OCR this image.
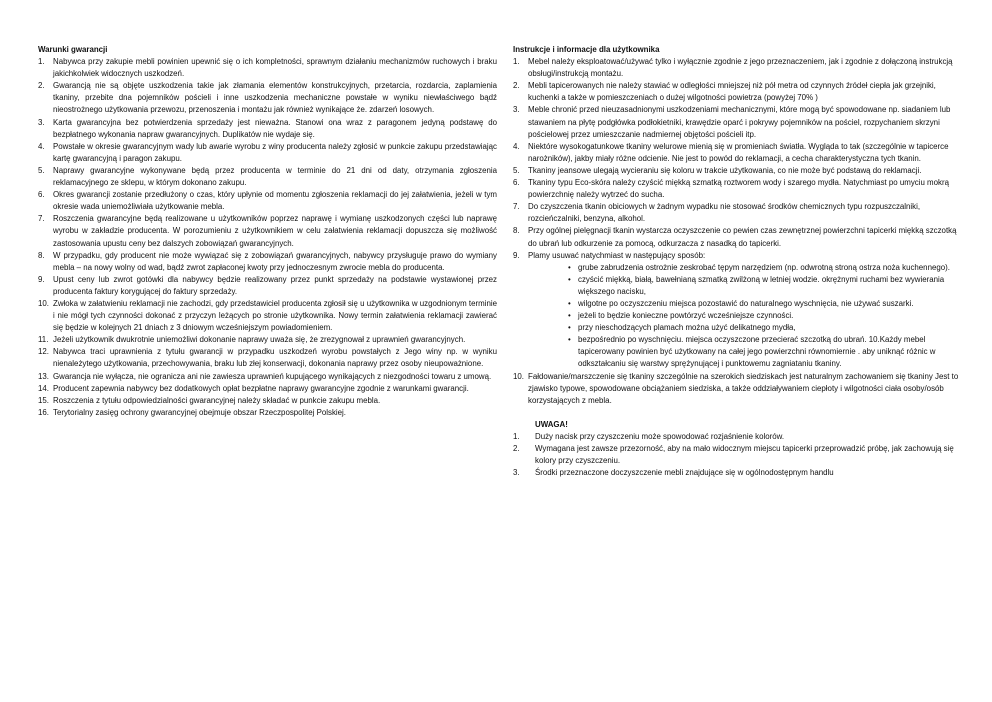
Warunki gwarancji
1. Nabywca przy zakupie mebli powinien upewnić się o ich kompletności, sprawnym działaniu mechanizmów ruchowych i braku jakichkolwiek widocznych uszkodzeń.
2. Gwarancją nie są objęte uszkodzenia takie jak złamania elementów konstrukcyjnych, przetarcia, rozdarcia, zaplamienia tkaniny, przebite dna pojemników pościeli i inne uszkodzenia mechaniczne powstałe w wyniku niewłaściwego bądź nieostrożnego użytkowania przewozu, przenoszenia i montażu jak również wynikające że. zdarzeń losowych.
3. Karta gwarancyjna bez potwierdzenia sprzedaży jest nieważna. Stanowi ona wraz z paragonem jedyną podstawę do bezpłatnego wykonania napraw gwarancyjnych. Duplikatów nie wydaje się.
4. Powstałe w okresie gwarancyjnym wady lub awarie wyrobu z winy producenta należy zgłosić w punkcie zakupu przedstawiając kartę gwarancyjną i paragon zakupu.
5. Naprawy gwarancyjne wykonywane będą przez producenta w terminie do 21 dni od daty, otrzymania zgłoszenia reklamacyjnego ze sklepu, w którym dokonano zakupu.
6. Okres gwarancji zostanie przedłużony o czas, który upłynie od momentu zgłoszenia reklamacji do jej załatwienia, jeżeli w tym okresie wada uniemożliwiała użytkowanie mebla.
7. Roszczenia gwarancyjne będą realizowane u użytkowników poprzez naprawę i wymianę uszkodzonych części lub naprawę wyrobu w zakładzie producenta. W porozumieniu z użytkownikiem w celu załatwienia reklamacji dopuszcza się możliwość zastosowania upustu ceny bez dalszych zobowiązań gwarancyjnych.
8. W przypadku, gdy producent nie może wywiązać się z zobowiązań gwarancyjnych, nabywcy przysługuje prawo do wymiany mebla – na nowy wolny od wad, bądź zwrot zapłaconej kwoty przy jednoczesnym zwrocie mebla do producenta.
9. Upust ceny lub zwrot gotówki dla nabywcy będzie realizowany przez punkt sprzedaży na podstawie wystawionej przez producenta faktury korygującej do faktury sprzedaży.
10. Zwłoka w załatwieniu reklamacji nie zachodzi, gdy przedstawiciel producenta zgłosił się u użytkownika w uzgodnionym terminie i nie mógł tych czynności dokonać z przyczyn leżących po stronie użytkownika. Nowy termin załatwienia reklamacji zawierać się będzie w kolejnych 21 dniach z 3 dniowym wcześniejszym powiadomieniem.
11. Jeżeli użytkownik dwukrotnie uniemożliwi dokonanie naprawy uważa się, że zrezygnował z uprawnień gwarancyjnych.
12. Nabywca traci uprawnienia z tytułu gwarancji w przypadku uszkodzeń wyrobu powstałych z Jego winy np. w wyniku nienależytego użytkowania, przechowywania, braku lub złej konserwacji, dokonania naprawy przez osoby nieupoważnione.
13. Gwarancja nie wyłącza, nie ogranicza ani nie zawiesza uprawnień kupującego wynikających z niezgodności towaru z umową.
14. Producent zapewnia nabywcy bez dodatkowych opłat bezpłatne naprawy gwarancyjne zgodnie z warunkami gwarancji.
15. Roszczenia z tytułu odpowiedzialności gwarancyjnej należy składać w punkcie zakupu mebla.
16. Terytorialny zasięg ochrony gwarancyjnej obejmuje obszar Rzeczpospolitej Polskiej.
Instrukcje i informacje dla użytkownika
1. Mebel należy eksploatować/używać tylko i wyłącznie zgodnie z jego przeznaczeniem, jak i zgodnie z dołączoną instrukcją obsługi/instrukcją montażu.
2. Mebli tapicerowanych nie należy stawiać w odległości mniejszej niż pół metra od czynnych źródeł ciepła jak grzejniki, kuchenki a także w pomieszczeniach o dużej wilgotności powietrza (powyżej 70% )
3. Meble chronić przed nieuzasadnionymi uszkodzeniami mechanicznymi, które mogą być spowodowane np. siadaniem lub stawaniem na płytę podgłówka podłokietniki, krawędzie oparć i pokrywy pojemników na pościel, rozpychaniem skrzyni pościelowej przez umieszczanie nadmiernej objętości pościeli itp.
4. Niektóre wysokogatunkowe tkaniny welurowe mienią się w promieniach światła. Wygląda to tak (szczególnie w tapicerce narożników), jakby miały różne odcienie. Nie jest to powód do reklamacji, a cecha charakterystyczna tych tkanin.
5. Tkaniny jeansowe ulegają wycieraniu się koloru w trakcie użytkowania, co nie może być podstawą do reklamacji.
6. Tkaniny typu Eco-skóra należy czyścić miękką szmatką roztworem wody i szarego mydła. Natychmiast po umyciu mokrą powierzchnię należy wytrzeć do sucha.
7. Do czyszczenia tkanin obiciowych w żadnym wypadku nie stosować środków chemicznych typu rozpuszczalniki, rozcieńczalniki, benzyna, alkohol.
8. Przy ogólnej pielęgnacji tkanin wystarcza oczyszczenie co pewien czas zewnętrznej powierzchni tapicerki miękką szczotką do ubrań lub odkurzenie za pomocą, odkurzacza z nasadką do tapicerki.
9. Plamy usuwać natychmiast w następujący sposób:
• grube zabrudzenia ostrożnie zeskrobać tępym narzędziem (np. odwrotną stroną ostrza noża kuchennego).
• czyścić miękką, białą, bawełnianą szmatką zwilżoną w letniej wodzie. okrężnymi ruchami bez wywierania większego nacisku,
• wilgotne po oczyszczeniu miejsca pozostawić do naturalnego wyschnięcia, nie używać suszarki.
• jeżeli to będzie konieczne powtórzyć wcześniejsze czynności.
• przy nieschodzących plamach można użyć delikatnego mydła,
• bezpośrednio po wyschnięciu. miejsca oczyszczone przecierać szczotką do ubrań. 10.Każdy mebel tapicerowany powinien być użytkowany na całej jego powierzchni równomiernie . aby uniknąć różnic w odkształcaniu się warstwy sprężynującej i punktowemu zagniataniu tkaniny.
10. Fałdowanie/marszczenie się tkaniny szczególnie na szerokich siedziskach jest naturalnym zachowaniem się tkaniny Jest to zjawisko typowe, spowodowane obciążaniem siedziska, a także oddziaływaniem ciepłoty i wilgotności ciała osoby/osób korzystających z mebla.
UWAGA!
1. Duży nacisk przy czyszczeniu może spowodować rozjaśnienie kolorów.
2. Wymagana jest zawsze przezorność, aby na mało widocznym miejscu tapicerki przeprowadzić próbę, jak zachowują się kolory przy czyszczeniu.
3. Środki przeznaczone doczyszczenie mebli znajdujące się w ogólnodostępnym handlu
